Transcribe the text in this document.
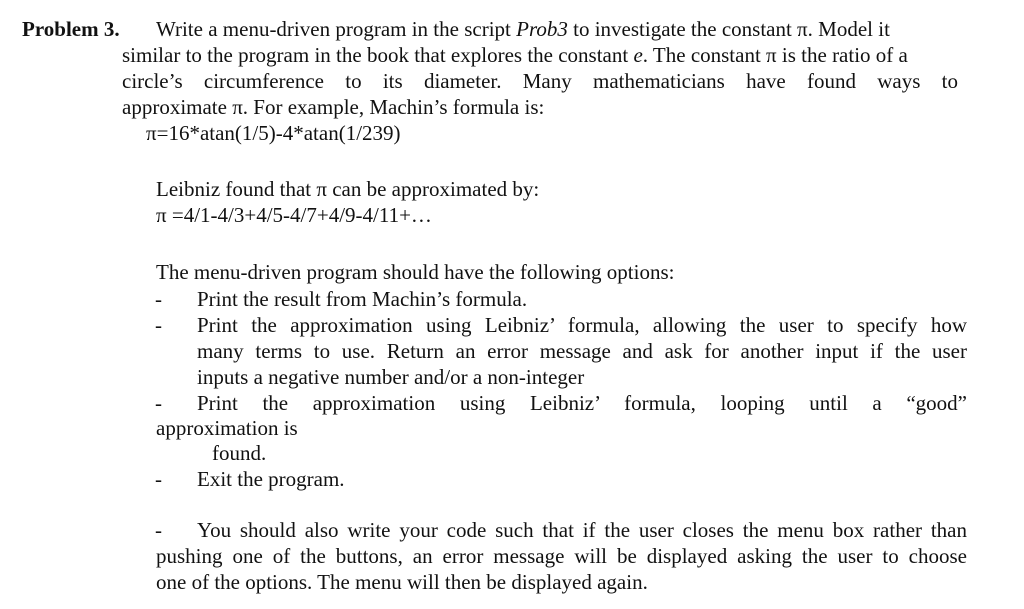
Problem 3. Write a menu-driven program in the script Prob3 to investigate the constant π. Model it
similar to the program in the book that explores the constant e. The constant π is the ratio of a
circle’s circumference to its diameter. Many mathematicians have found ways to
approximate π. For example, Machin’s formula is:
π=16*atan(1/5)-4*atan(1/239)
Leibniz found that π can be approximated by:
π =4/1-4/3+4/5-4/7+4/9-4/11+…
The menu-driven program should have the following options:
- Print the result from Machin’s formula.
- Print the approximation using Leibniz’ formula, allowing the user to specify how
many terms to use. Return an error message and ask for another input if the user
inputs a negative number and/or a non-integer
- Print the approximation using Leibniz’ formula, looping until a “good”
approximation is
found.
- Exit the program.
- You should also write your code such that if the user closes the menu box rather than
pushing one of the buttons, an error message will be displayed asking the user to choose
one of the options. The menu will then be displayed again.
